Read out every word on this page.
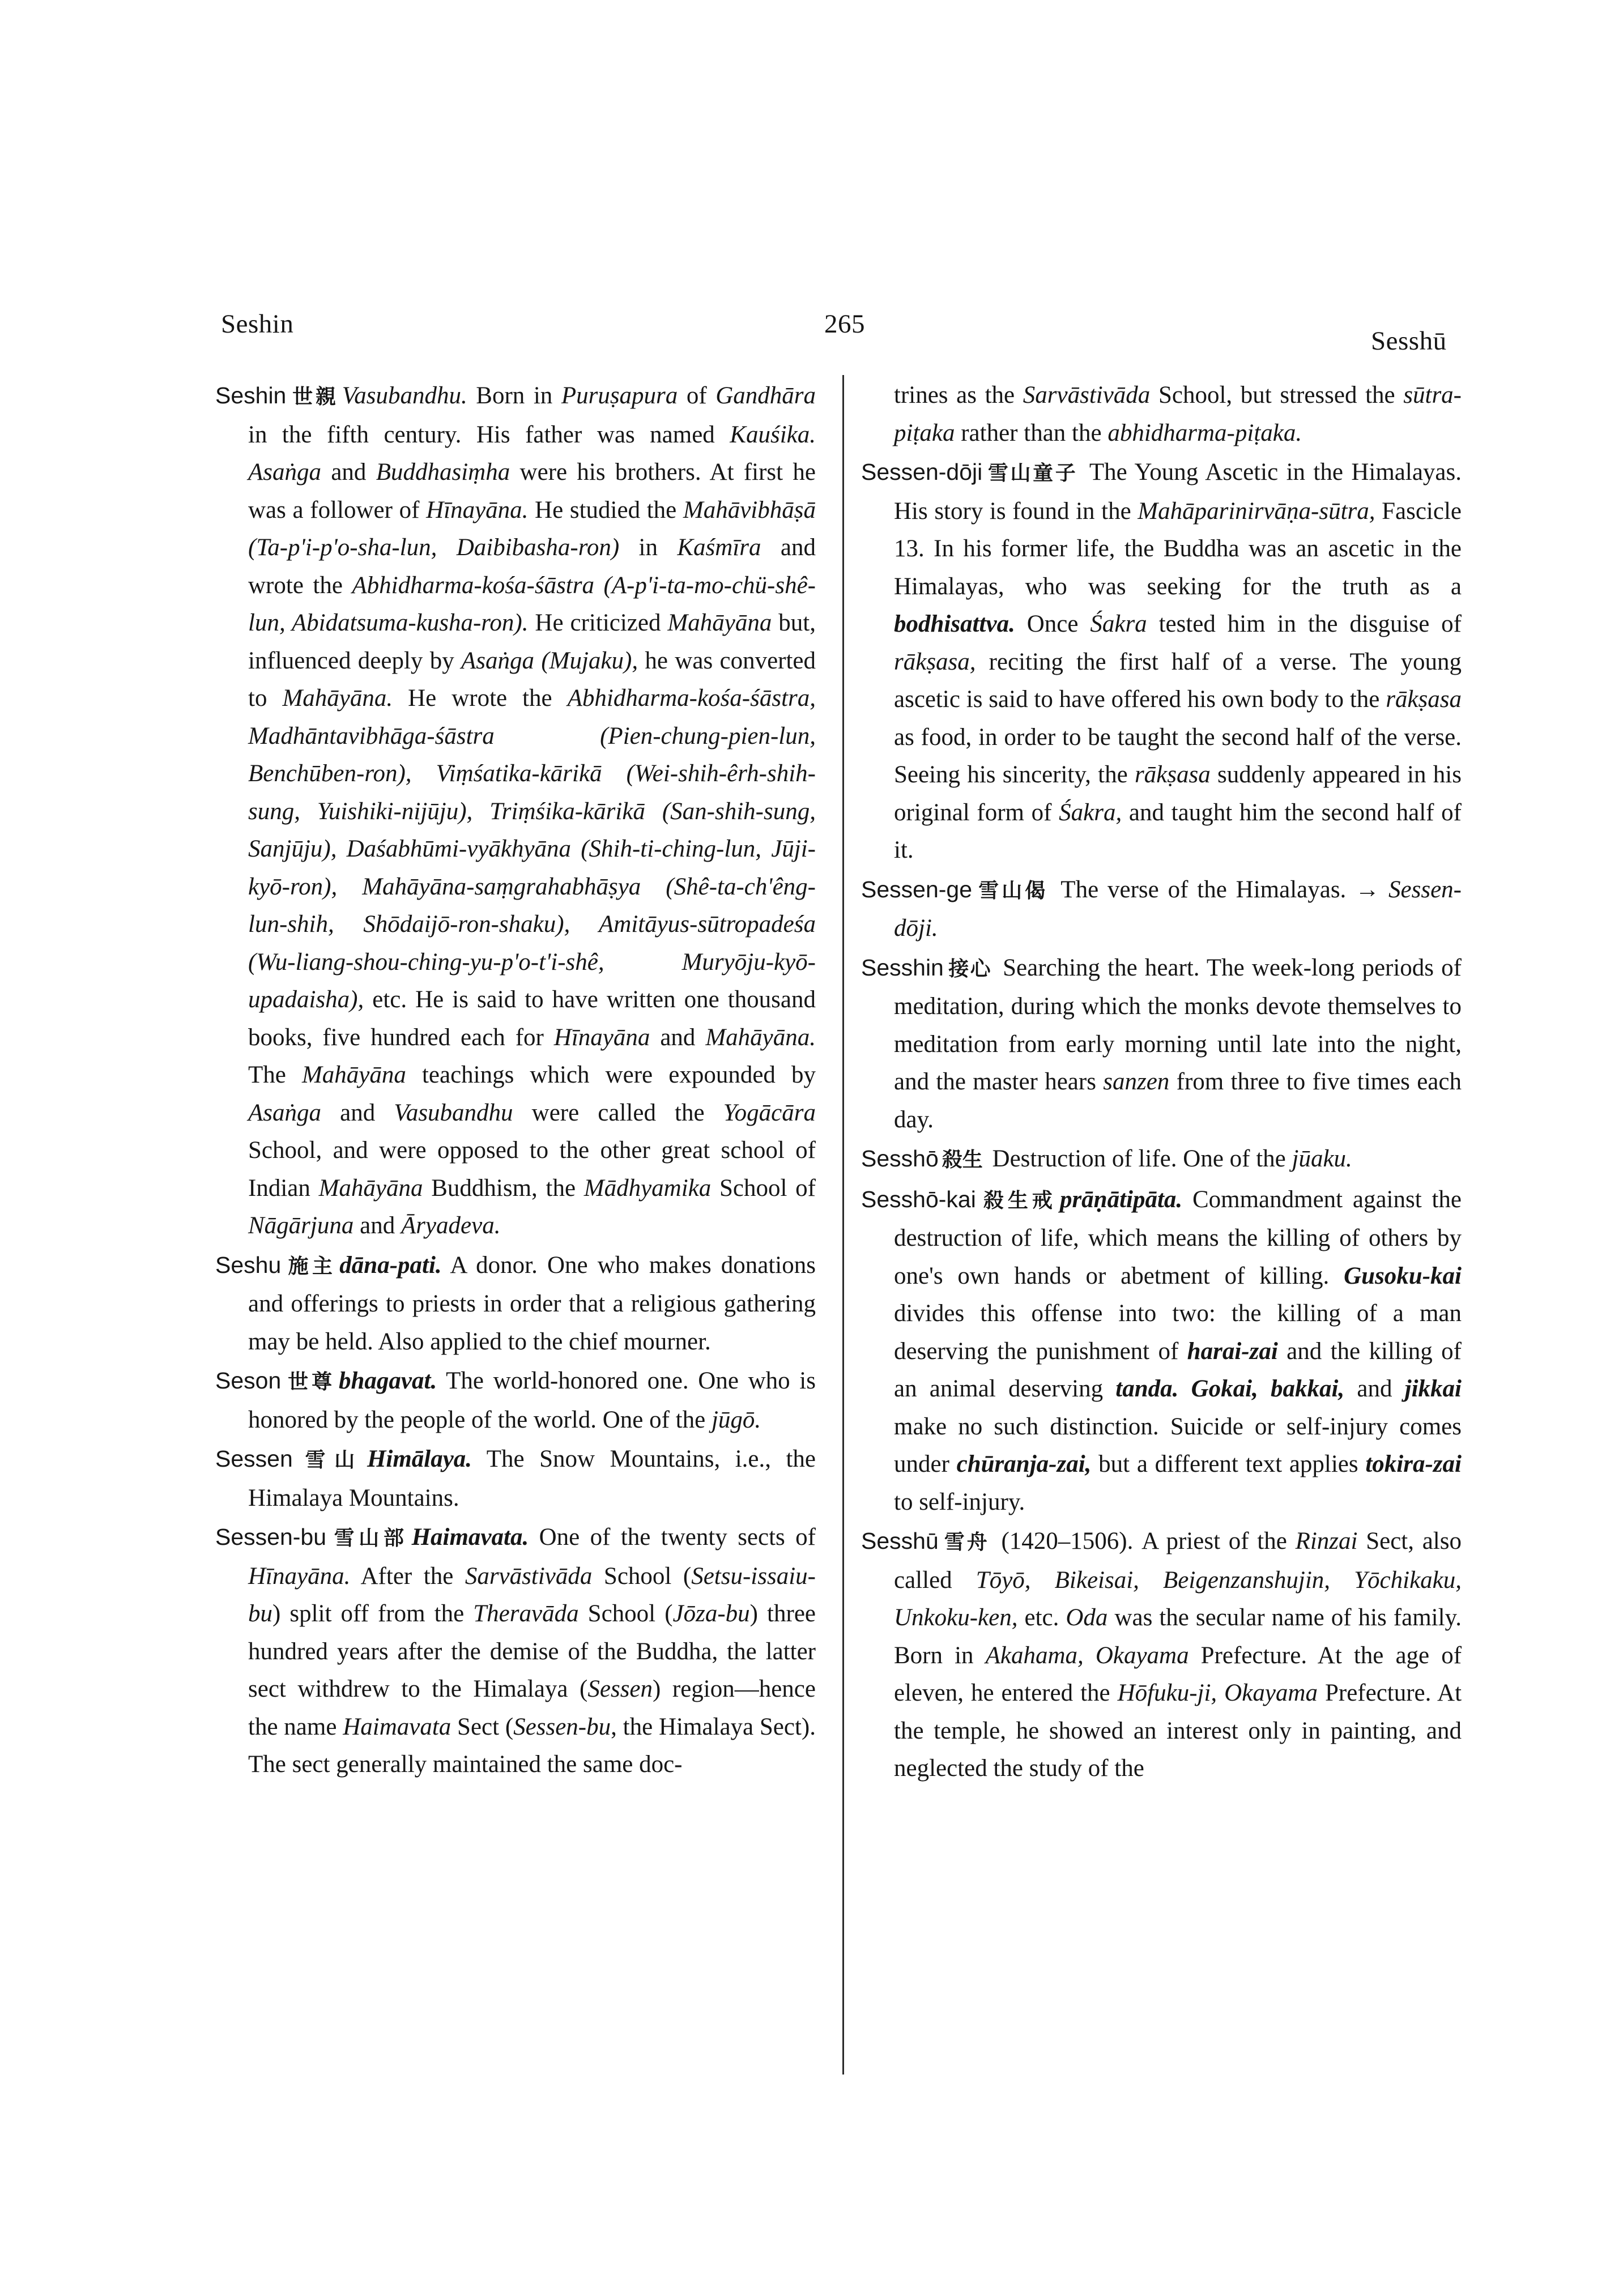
Seshin	265
Sesshū

Seshin 世親 Vasubandhu. Born in Puruṣapura of Gandhāra in the fifth century. His father was named Kauśika. Asaṅga and Buddhasiṃha were his brothers. At first he was a follower of Hīnayāna. He studied the Mahāvibhāṣā (Ta-p'i-p'o-sha-lun, Daibibasha-ron) in Kaśmīra and wrote the Abhidharma-kośa-śāstra (A-p'i-ta-mo-chü-shê-lun, Abidatsuma-kusha-ron). He criticized Mahāyāna but, influenced deeply by Asaṅga (Mujaku), he was converted to Mahāyāna. He wrote the Abhidharma-kośa-śāstra, Madhāntavibhāga-śāstra (Pien-chung-pien-lun, Benchūben-ron), Viṃśatika-kārikā (Wei-shih-êrh-shih-sung, Yuishiki-nijūju), Triṃśika-kārikā (San-shih-sung, Sanjūju), Daśabhūmi-vyākhyāna (Shih-ti-ching-lun, Jūji-kyō-ron), Mahāyāna-saṃgrahabhāṣya (Shê-ta-ch'êng-lun-shih, Shōdaijō-ron-shaku), Amitāyus-sūtropadeśa (Wu-liang-shou-ching-yu-p'o-t'i-shê, Muryōju-kyō-upadaisha), etc. He is said to have written one thousand books, five hundred each for Hīnayāna and Mahāyāna. The Mahāyāna teachings which were expounded by Asaṅga and Vasubandhu were called the Yogācāra School, and were opposed to the other great school of Indian Mahāyāna Buddhism, the Mādhyamika School of Nāgārjuna and Āryadeva.

Seshu 施主 dāna-pati. A donor. One who makes donations and offerings to priests in order that a religious gathering may be held. Also applied to the chief mourner.

Seson 世尊 bhagavat. The world-honored one. One who is honored by the people of the world. One of the jūgō.

Sessen 雪山 Himālaya. The Snow Mountains, i.e., the Himalaya Mountains.

Sessen-bu 雪山部 Haimavata. One of the twenty sects of Hīnayāna. After the Sarvāstivāda School (Setsu-issaiu-bu) split off from the Theravāda School (Jōza-bu) three hundred years after the demise of the Buddha, the latter sect withdrew to the Himalaya (Sessen) region—hence the name Haimavata Sect (Sessen-bu, the Himalaya Sect). The sect generally maintained the same doc-

trines as the Sarvāstivāda School, but stressed the sūtra-piṭaka rather than the abhidharma-piṭaka.

Sessen-dōji 雪山童子 The Young Ascetic in the Himalayas. His story is found in the Mahāparinirvāṇa-sūtra, Fascicle 13. In his former life, the Buddha was an ascetic in the Himalayas, who was seeking for the truth as a bodhisattva. Once Śakra tested him in the disguise of rākṣasa, reciting the first half of a verse. The young ascetic is said to have offered his own body to the rākṣasa as food, in order to be taught the second half of the verse. Seeing his sincerity, the rākṣasa suddenly appeared in his original form of Śakra, and taught him the second half of it.

Sessen-ge 雪山偈 The verse of the Himalayas. → Sessen-dōji.

Sesshin 接心 Searching the heart. The week-long periods of meditation, during which the monks devote themselves to meditation from early morning until late into the night, and the master hears sanzen from three to five times each day.

Sesshō 殺生 Destruction of life. One of the jūaku.

Sesshō-kai 殺生戒 prāṇātipāta. Commandment against the destruction of life, which means the killing of others by one's own hands or abetment of killing. Gusoku-kai divides this offense into two: the killing of a man deserving the punishment of harai-zai and the killing of an animal deserving tanda. Gokai, bakkai, and jikkai make no such distinction. Suicide or self-injury comes under chūranja-zai, but a different text applies tokira-zai to self-injury.

Sesshū 雪舟 (1420–1506). A priest of the Rinzai Sect, also called Tōyō, Bikeisai, Beigenzanshujin, Yōchikaku, Unkoku-ken, etc. Oda was the secular name of his family. Born in Akahama, Okayama Prefecture. At the age of eleven, he entered the Hōfuku-ji, Okayama Prefecture. At the temple, he showed an interest only in painting, and neglected the study of the
